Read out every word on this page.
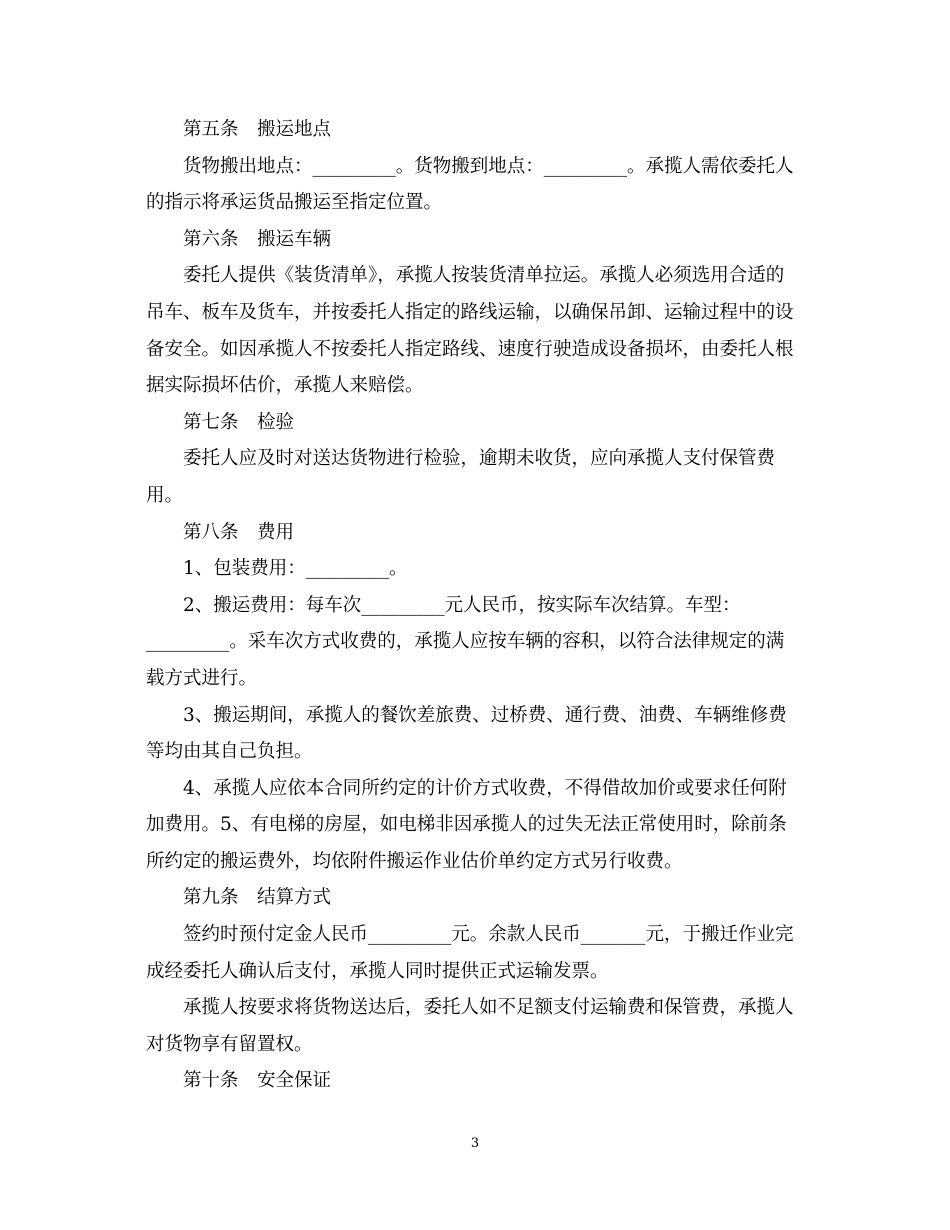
第五条　搬运地点
货物搬出地点：_________。货物搬到地点：_________。承揽人需依委托人
的指示将承运货品搬运至指定位置。
第六条　搬运车辆
委托人提供《装货清单》，承揽人按装货清单拉运。承揽人必须选用合适的
吊车、板车及货车，并按委托人指定的路线运输，以确保吊卸、运输过程中的设
备安全。如因承揽人不按委托人指定路线、速度行驶造成设备损坏，由委托人根
据实际损坏估价，承揽人来赔偿。
第七条　检验
委托人应及时对送达货物进行检验，逾期未收货，应向承揽人支付保管费
用。
第八条　费用
1、包装费用：_________。
2、搬运费用：每车次_________元人民币，按实际车次结算。车型：
_________。采车次方式收费的，承揽人应按车辆的容积，以符合法律规定的满
载方式进行。
3、搬运期间，承揽人的餐饮差旅费、过桥费、通行费、油费、车辆维修费
等均由其自己负担。
4、承揽人应依本合同所约定的计价方式收费，不得借故加价或要求任何附
加费用。5、有电梯的房屋，如电梯非因承揽人的过失无法正常使用时，除前条
所约定的搬运费外，均依附件搬运作业估价单约定方式另行收费。
第九条　结算方式
签约时预付定金人民币_________元。余款人民币_______元，于搬迁作业完
成经委托人确认后支付，承揽人同时提供正式运输发票。
承揽人按要求将货物送达后，委托人如不足额支付运输费和保管费，承揽人
对货物享有留置权。
第十条　安全保证
3
